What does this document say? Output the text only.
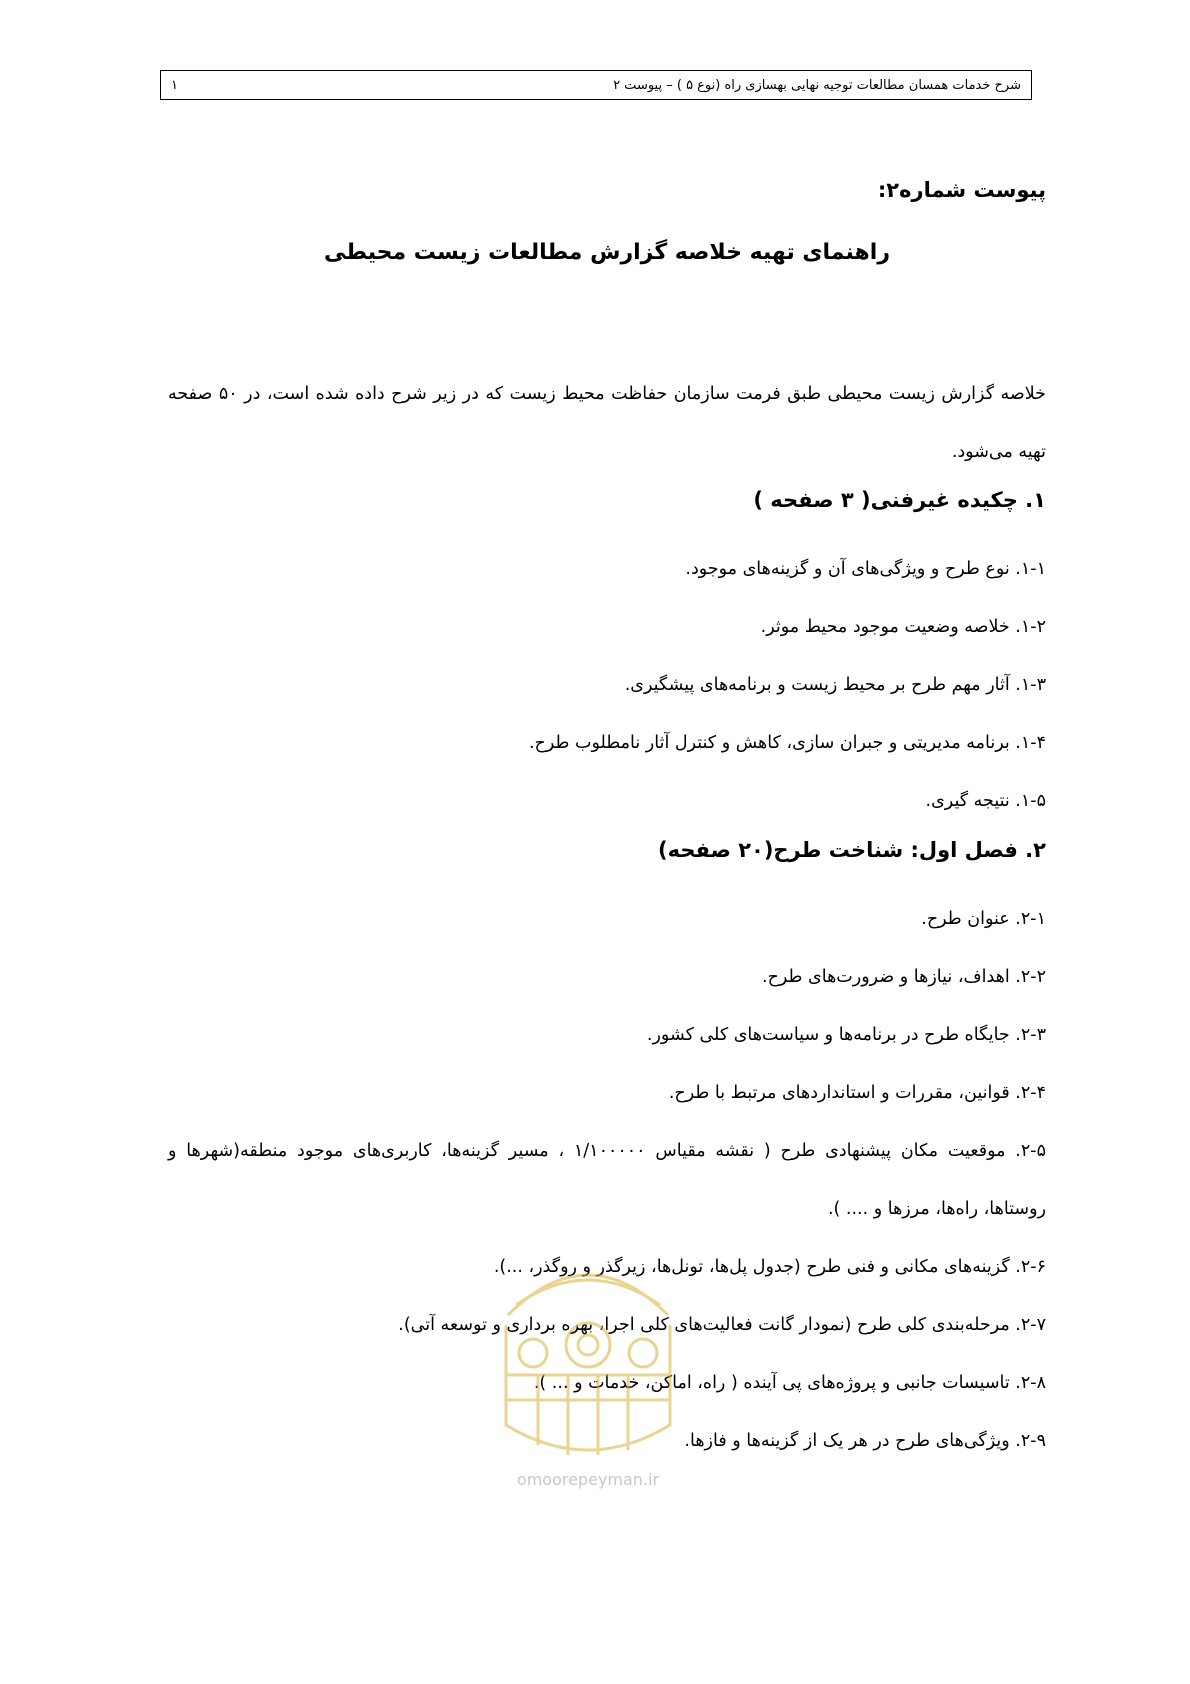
شرح خدمات همسان مطالعات توجیه نهایی بهسازی راه (نوع ۵ ) – پیوست ۲
۱
پیوست شماره۲:
راهنمای تهیه خلاصه گزارش مطالعات زیست محیطی
خلاصه گزارش زیست محیطی طبق فرمت سازمان حفاظت محیط زیست که در زیر شرح داده شده است، در ۵۰ صفحه
تهیه می‌شود.
۱. چکیده غیرفنی( ۳ صفحه )
۱-۱. نوع طرح و ویژگی‌های آن و گزینه‌های موجود.
۱-۲. خلاصه وضعیت موجود محیط موثر.
۱-۳. آثار مهم طرح بر محیط زیست و برنامه‌های پیشگیری.
۱-۴. برنامه مدیریتی و جبران سازی، کاهش و کنترل آثار نامطلوب طرح.
۱-۵. نتیجه گیری.
۲. فصل اول: شناخت طرح(۲۰ صفحه)
۲-۱. عنوان طرح.
۲-۲. اهداف، نیازها و ضرورت‌های طرح.
۲-۳. جایگاه طرح در برنامه‌ها و سیاست‌های کلی کشور.
۲-۴. قوانین، مقررات و استانداردهای مرتبط با طرح.
۲-۵. موقعیت مکان پیشنهادی طرح ( نقشه مقیاس ۱/۱۰۰۰۰۰ ، مسیر گزینه‌ها، کاربری‌های موجود منطقه(شهرها و
روستاها، راه‌ها، مرزها و .... ).
۲-۶. گزینه‌های مکانی و فنی طرح (جدول پل‌ها، تونل‌ها، زیرگذر و روگذر، ...).
۲-۷. مرحله‌بندی کلی طرح (نمودار گانت فعالیت‌های کلی اجرا، بهره برداری و توسعه آتی).
۲-۸. تاسیسات جانبی و پروژه‌های پی آینده ( راه، اماکن، خدمات و ... ).
۲-۹. ویژگی‌های طرح در هر یک از گزینه‌ها و فازها.
omoorepeyman.ir
